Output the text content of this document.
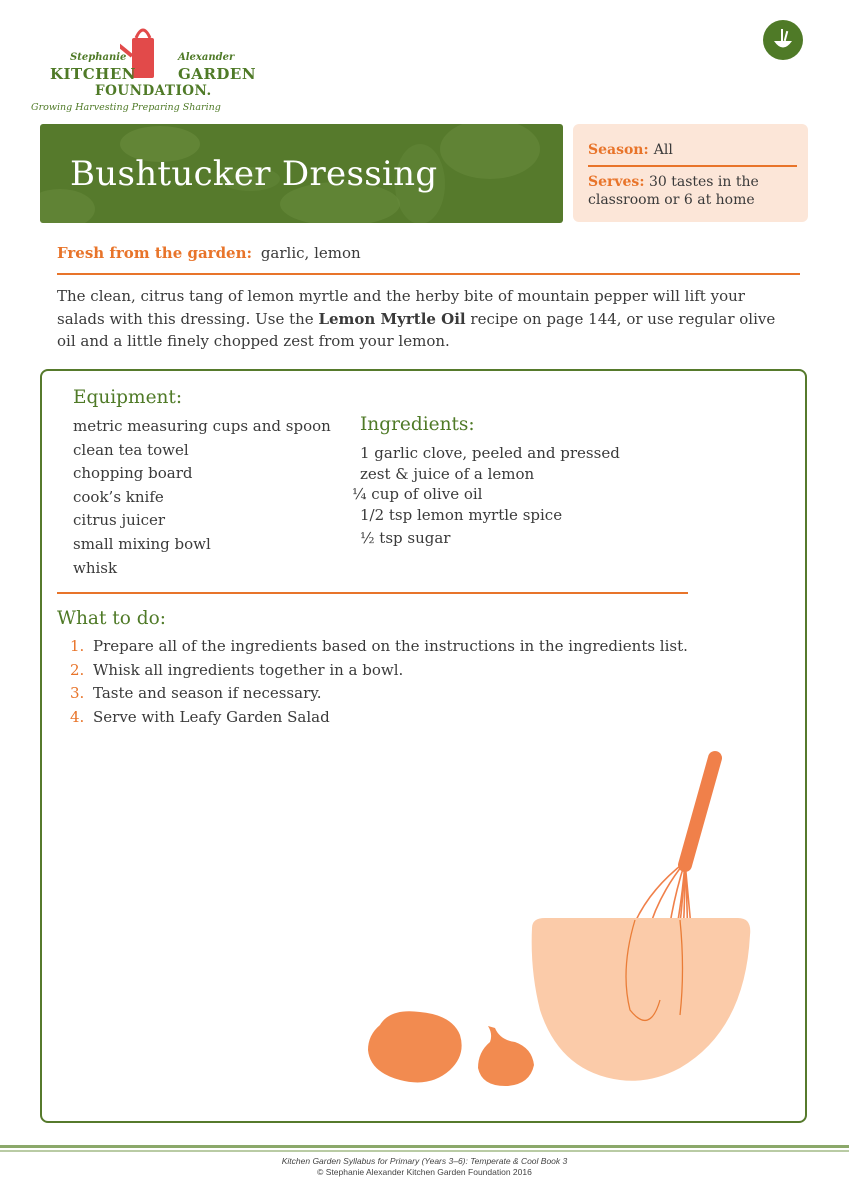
Stephanie	Alexander
KITCHEN	GARDEN
FOUNDATION.
Growing Harvesting Preparing Sharing
Bushtucker Dressing
Season: All
Serves: 30 tastes in the classroom or 6 at home
Fresh from the garden: garlic, lemon
The clean, citrus tang of lemon myrtle and the herby bite of mountain pepper will lift your salads with this dressing. Use the Lemon Myrtle Oil recipe on page 144, or use regular olive oil and a little finely chopped zest from your lemon.
Equipment:
metric measuring cups and spoon
clean tea towel
chopping board
cook’s knife
citrus juicer
small mixing bowl
whisk
Ingredients:
1 garlic clove, peeled and pressed
zest & juice of a lemon
¼ cup of olive oil
1/2 tsp lemon myrtle spice
½ tsp sugar
What to do:
1. Prepare all of the ingredients based on the instructions in the ingredients list.
2. Whisk all ingredients together in a bowl.
3. Taste and season if necessary.
4. Serve with Leafy Garden Salad
Kitchen Garden Syllabus for Primary (Years 3–6): Temperate & Cool Book 3
© Stephanie Alexander Kitchen Garden Foundation 2016
